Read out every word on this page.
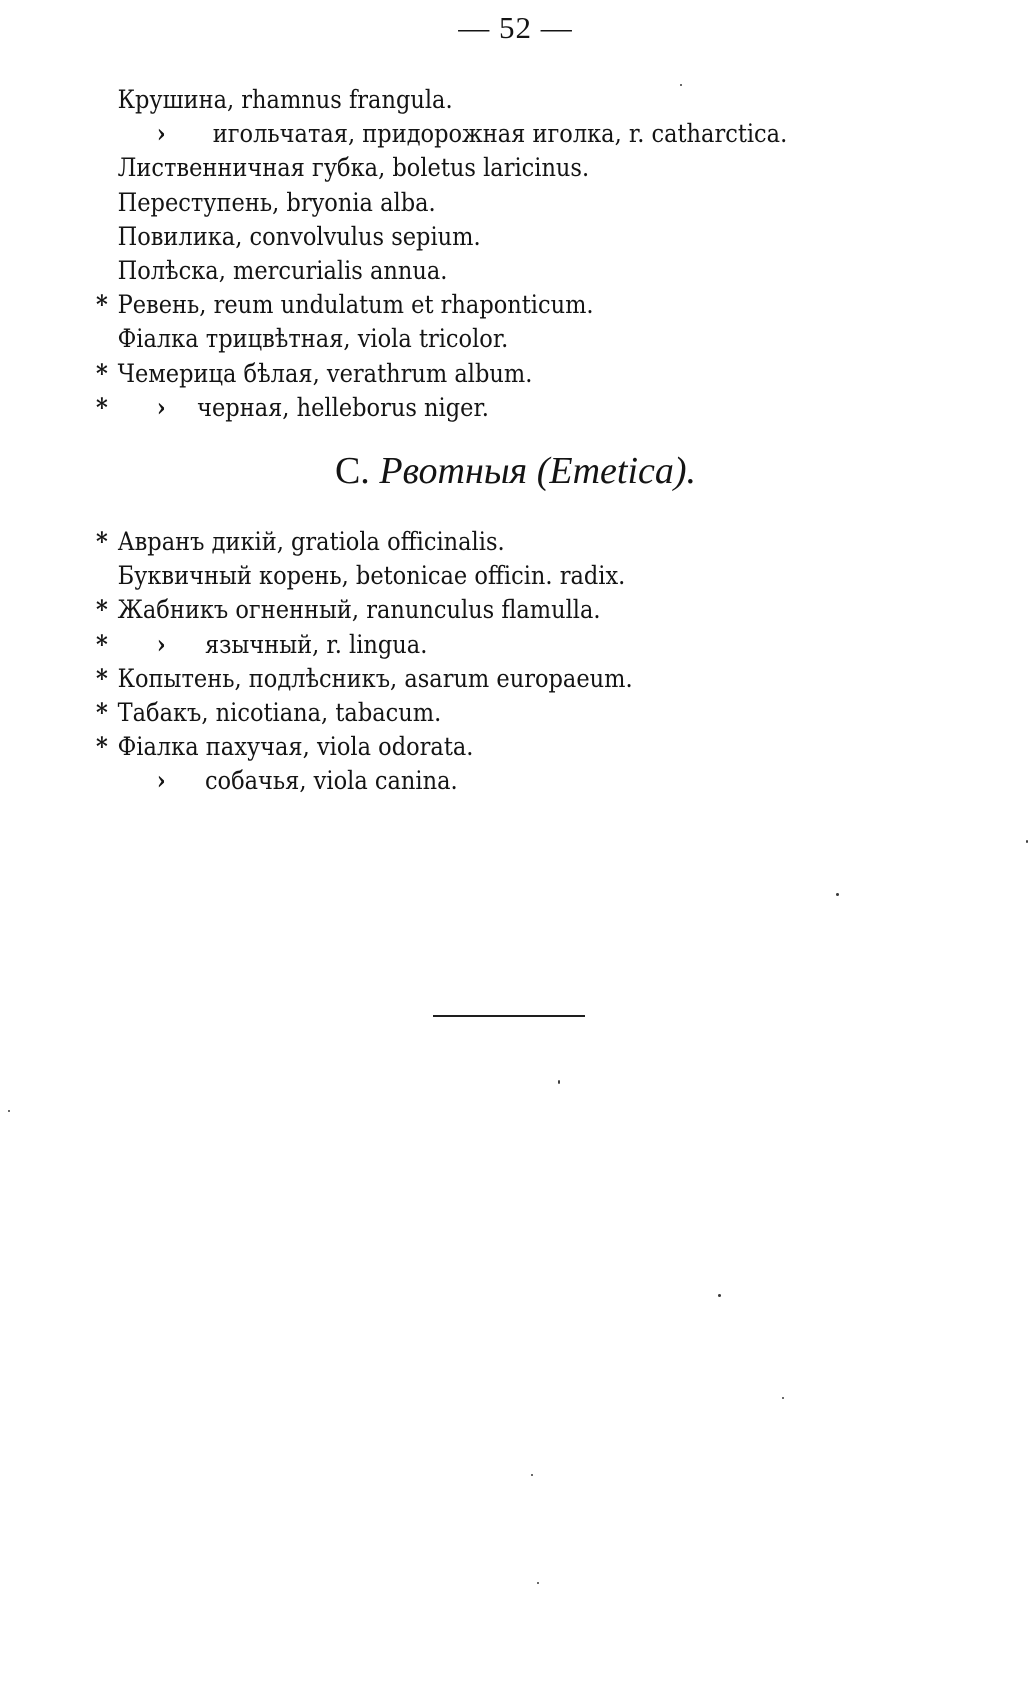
— 52 —
Крушина, rhamnus frangula.
›      игольчатая, придорожная иголка, r. catharctica.
Лиственничная губка, boletus laricinus.
Переступень, bryonia alba.
Повилика, convolvulus sepium.
Полѣска, mercurialis annua.
* Ревень, reum undulatum et rhaponticum.
Фіалка трицвѣтная, viola tricolor.
* Чемерица бѣлая, verathrum album.
*     ›    черная, helleborus niger.
С. Рвотныя (Emetica).
* Авранъ дикій, gratiola officinalis.
Буквичный корень, betonicae officin. radix.
* Жабникъ огненный, ranunculus flamulla.
*     ›     язычный, r. lingua.
* Копытень, подлѣсникъ, asarum europaeum.
* Табакъ, nicotiana, tabacum.
* Фіалка пахучая, viola odorata.
›     собачья, viola canina.
